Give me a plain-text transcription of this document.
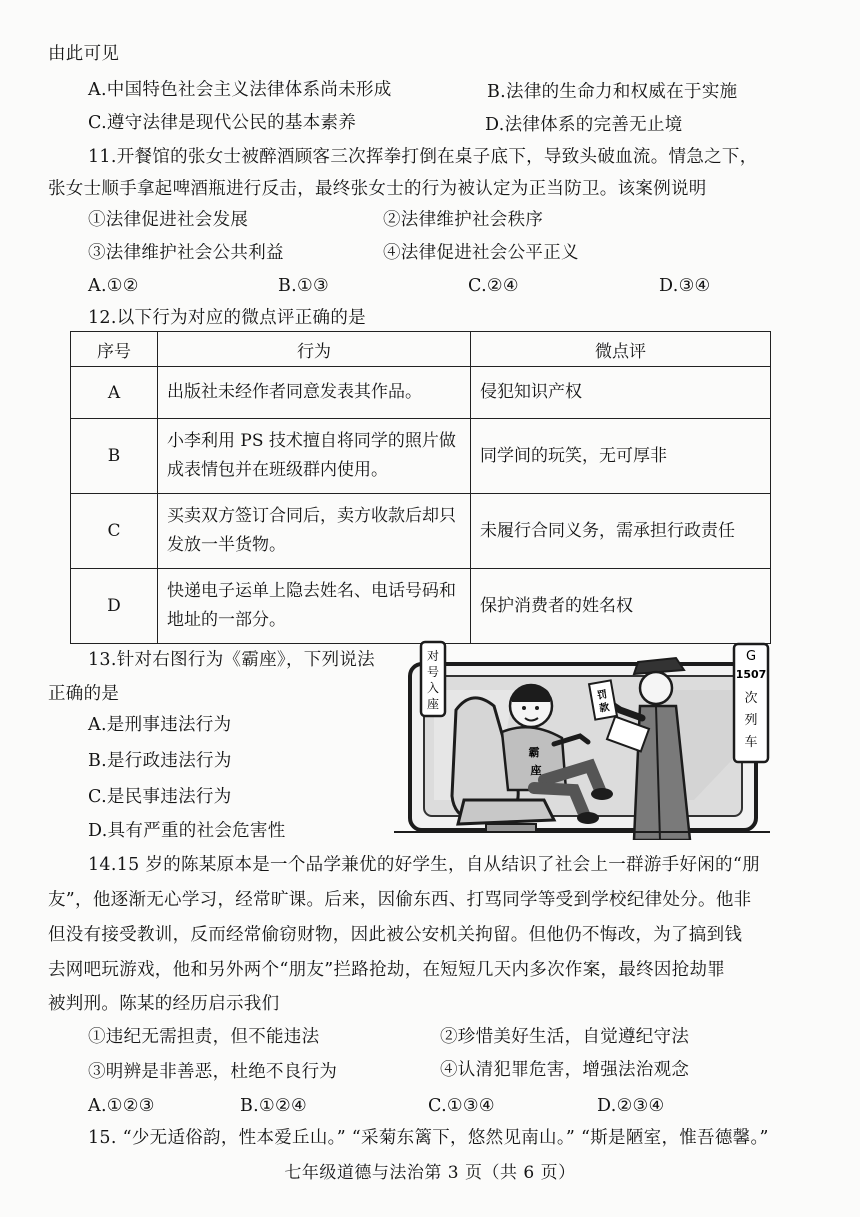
由此可见
A.中国特色社会主义法律体系尚未形成	B.法律的生命力和权威在于实施
C.遵守法律是现代公民的基本素养	D.法律体系的完善无止境
11.开餐馆的张女士被醉酒顾客三次挥拳打倒在桌子底下，导致头破血流。情急之下，
张女士顺手拿起啤酒瓶进行反击，最终张女士的行为被认定为正当防卫。该案例说明
①法律促进社会发展	②法律维护社会秩序
③法律维护社会公共利益	④法律促进社会公平正义
A.①②	B.①③	C.②④	D.③④
12.以下行为对应的微点评正确的是
序号	行为	微点评
A	出版社未经作者同意发表其作品。	侵犯知识产权
B	小李利用 PS 技术擅自将同学的照片做成表情包并在班级群内使用。	同学间的玩笑，无可厚非
C	买卖双方签订合同后，卖方收款后却只发放一半货物。	未履行合同义务，需承担行政责任
D	快递电子运单上隐去姓名、电话号码和地址的一部分。	保护消费者的姓名权
13.针对右图行为《霸座》，下列说法
正确的是
A.是刑事违法行为
B.是行政违法行为
C.是民事违法行为
D.具有严重的社会危害性
对
号
入
座
G
1507
次
列
车
霸
座
罚
款
14.15 岁的陈某原本是一个品学兼优的好学生，自从结识了社会上一群游手好闲的“朋
友”，他逐渐无心学习，经常旷课。后来，因偷东西、打骂同学等受到学校纪律处分。他非
但没有接受教训，反而经常偷窃财物，因此被公安机关拘留。但他仍不悔改，为了搞到钱
去网吧玩游戏，他和另外两个“朋友”拦路抢劫，在短短几天内多次作案，最终因抢劫罪
被判刑。陈某的经历启示我们
①违纪无需担责，但不能违法	②珍惜美好生活，自觉遵纪守法
③明辨是非善恶，杜绝不良行为	④认清犯罪危害，增强法治观念
A.①②③	B.①②④	C.①③④	D.②③④
15. “少无适俗韵，性本爱丘山。” “采菊东篱下，悠然见南山。” “斯是陋室，惟吾德馨。”
七年级道德与法治第 3 页（共 6 页）
